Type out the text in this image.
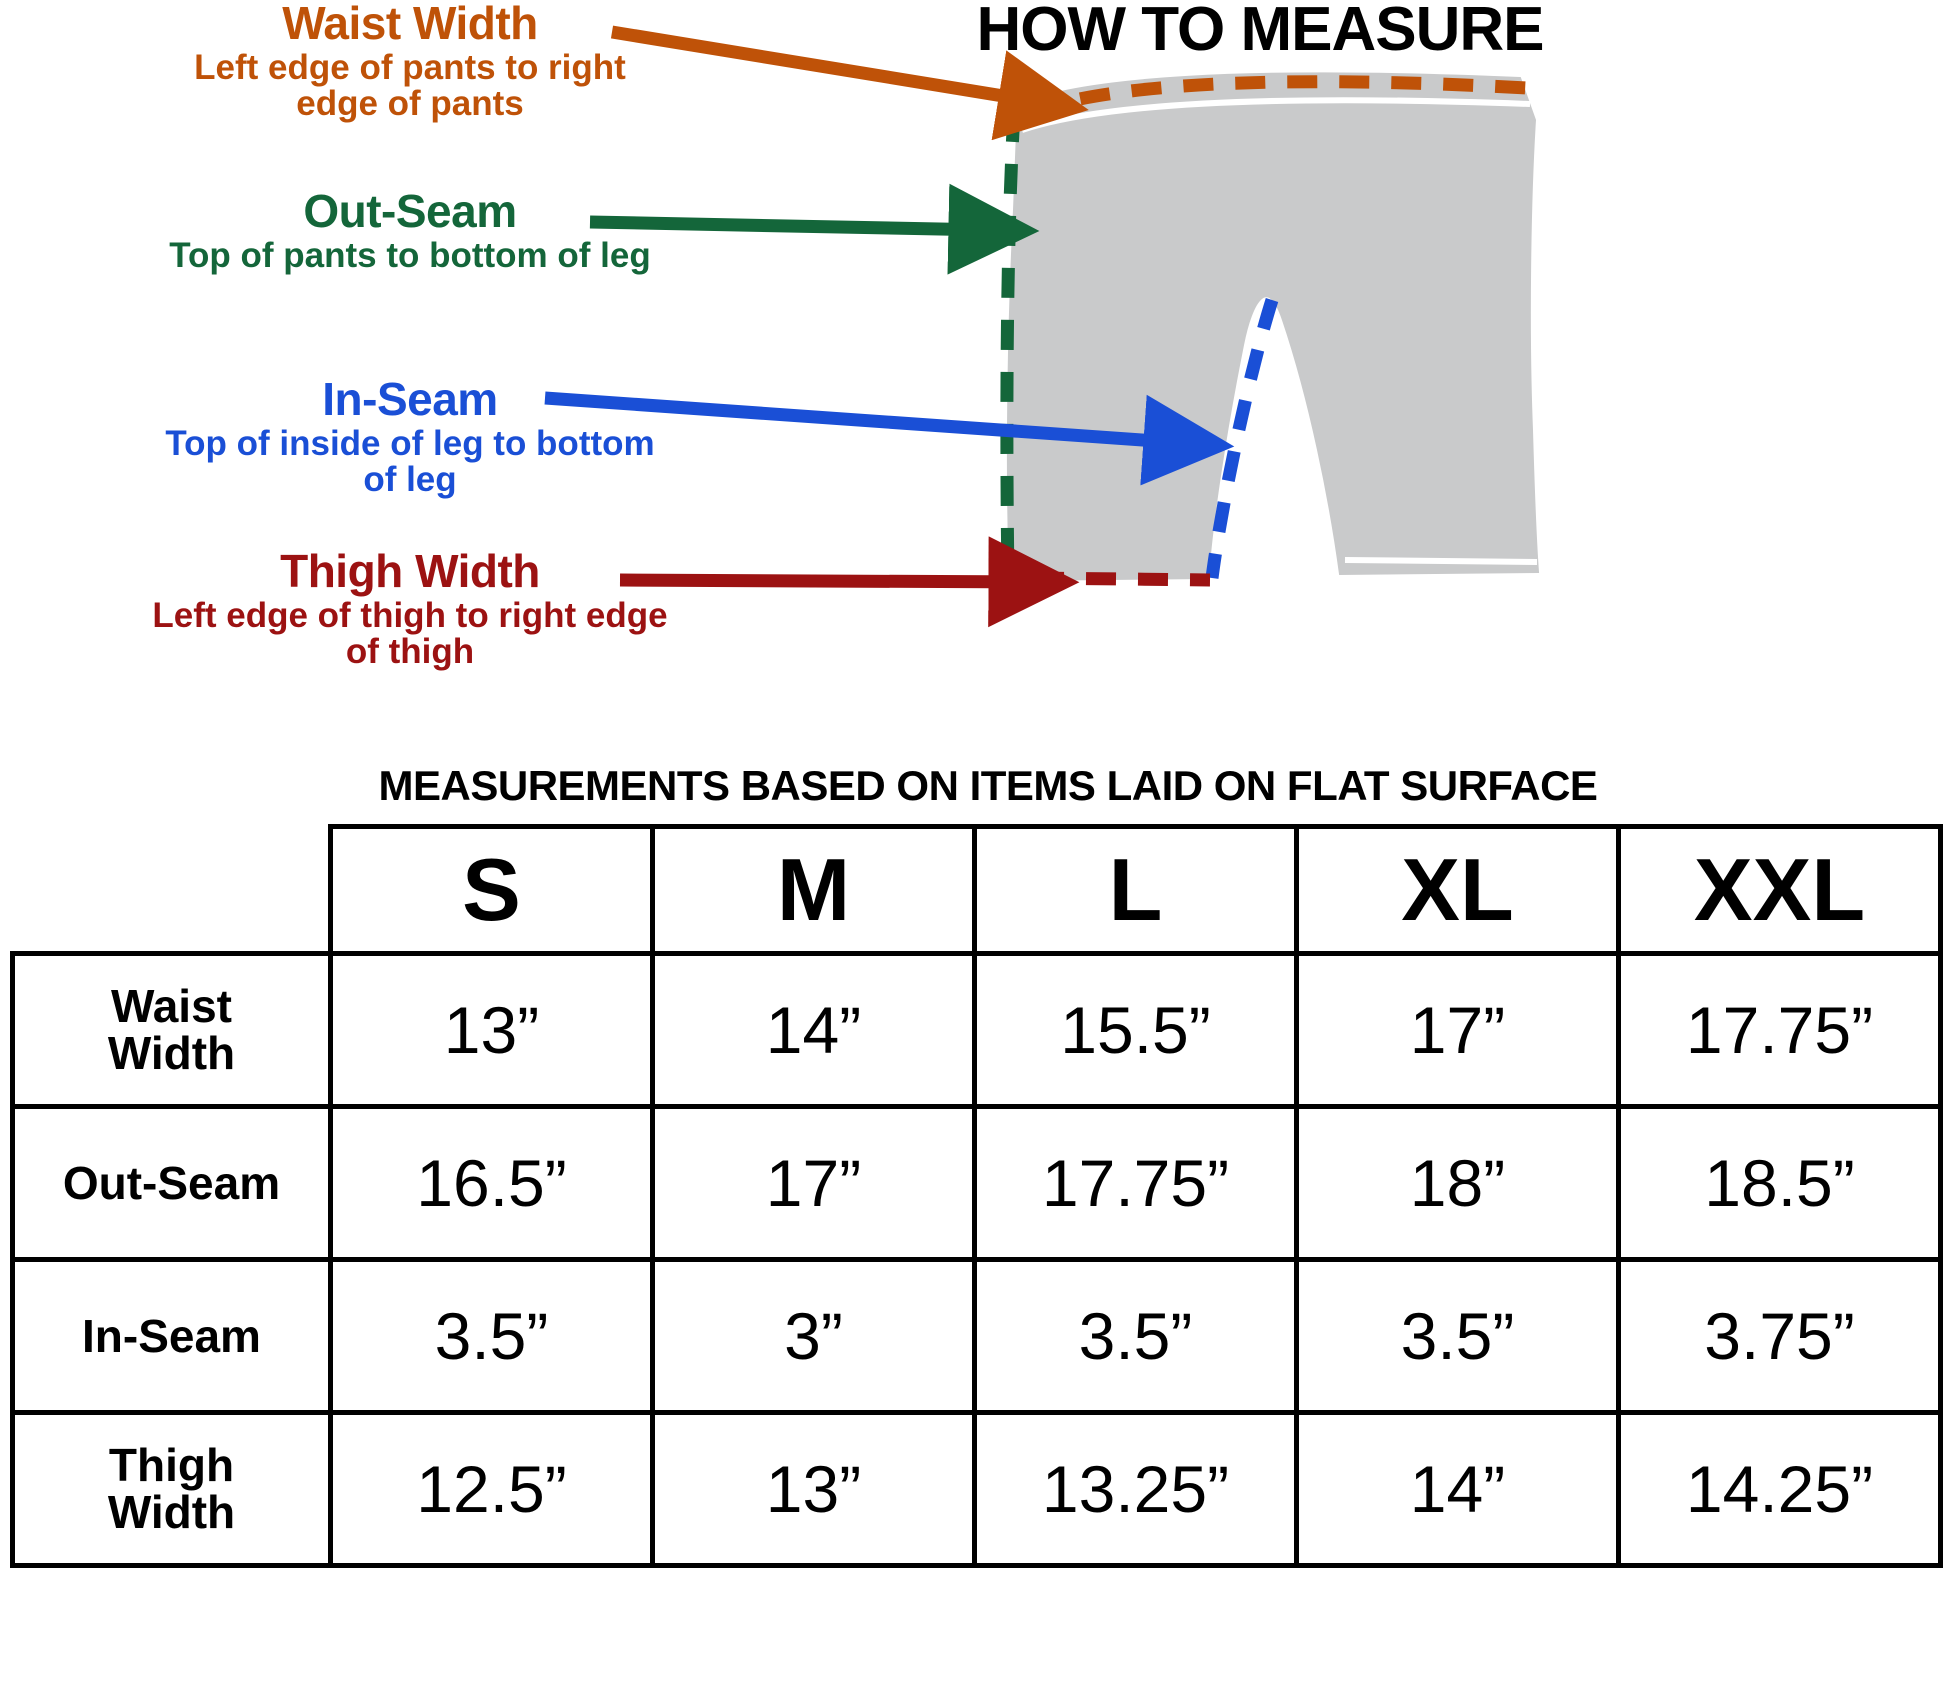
HOW TO MEASURE
Waist Width
Left edge of pants to right edge of pants
Out-Seam
Top of pants to bottom of leg
In-Seam
Top of inside of leg to bottom of leg
Thigh Width
Left edge of thigh to right edge of thigh
MEASUREMENTS BASED ON ITEMS LAID ON FLAT SURFACE
	S	M	L	XL	XXL
Waist
Width	13”	14”	15.5”	17”	17.75”
Out-Seam	16.5”	17”	17.75”	18”	18.5”
In-Seam	3.5”	3”	3.5”	3.5”	3.75”
Thigh
Width	12.5”	13”	13.25”	14”	14.25”
